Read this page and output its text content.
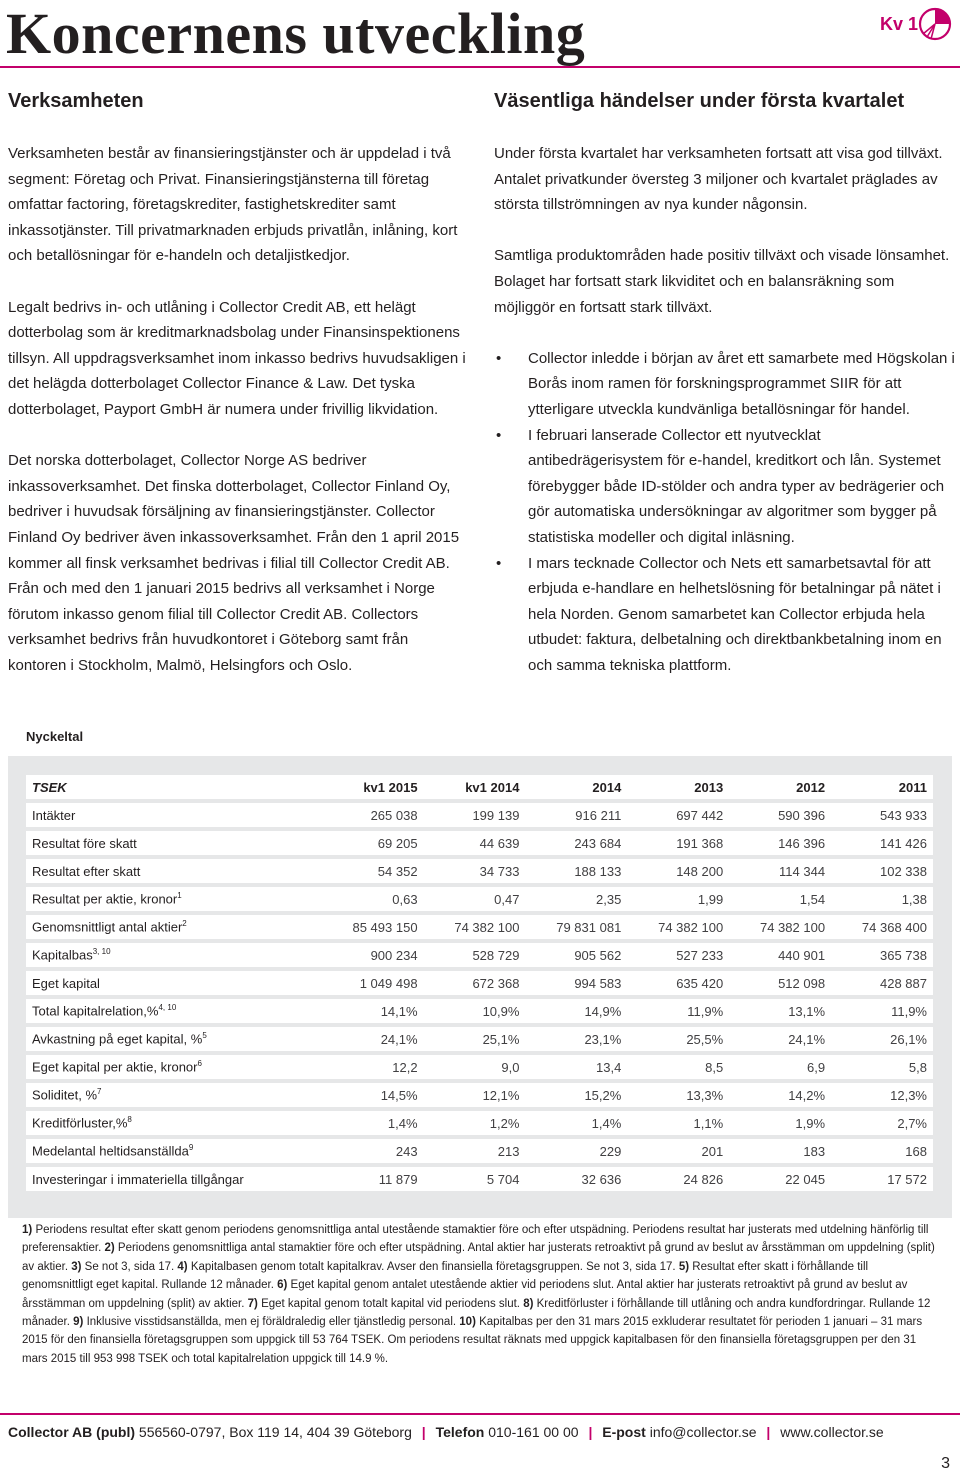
Koncernens utveckling	Kv 1
Verksamheten

Verksamheten består av finansieringstjänster och är uppdelad i två segment: Företag och Privat. Finansieringstjänsterna till företag omfattar factoring, företagskrediter, fastighetskrediter samt inkassotjänster. Till privatmarknaden erbjuds privatlån, inlåning, kort och betallösningar för e-handeln och detaljistkedjor.

Legalt bedrivs in- och utlåning i Collector Credit AB, ett helägt dotterbolag som är kreditmarknadsbolag under Finansinspektionens tillsyn. All uppdragsverksamhet inom inkasso bedrivs huvudsakligen i det helägda dotterbolaget Collector Finance & Law. Det tyska dotterbolaget, Payport GmbH är numera under frivillig likvidation.

Det norska dotterbolaget, Collector Norge AS bedriver inkassoverksamhet. Det finska dotterbolaget, Collector Finland Oy, bedriver i huvudsak försäljning av finansieringstjänster. Collector Finland Oy bedriver även inkassoverksamhet. Från den 1 april 2015 kommer all finsk verksamhet bedrivas i filial till Collector Credit AB. Från och med den 1 januari 2015 bedrivs all verksamhet i Norge förutom inkasso genom filial till Collector Credit AB. Collectors verksamhet bedrivs från huvudkontoret i Göteborg samt från kontoren i Stockholm, Malmö, Helsingfors och Oslo.

Väsentliga händelser under första kvartalet

Under första kvartalet har verksamheten fortsatt att visa god tillväxt. Antalet privatkunder översteg 3 miljoner och kvartalet präglades av största tillströmningen av nya kunder någonsin.

Samtliga produktområden hade positiv tillväxt och visade lönsamhet. Bolaget har fortsatt stark likviditet och en balansräkning som möjliggör en fortsatt stark tillväxt.

• Collector inledde i början av året ett samarbete med Högskolan i Borås inom ramen för forskningsprogrammet SIIR för att ytterligare utveckla kundvänliga betallösningar för handel.
• I februari lanserade Collector ett nyutvecklat antibedrägerisystem för e-handel, kreditkort och lån. Systemet förebygger både ID-stölder och andra typer av bedrägerier och gör automatiska undersökningar av algoritmer som bygger på statistiska modeller och digital inläsning.
• I mars tecknade Collector och Nets ett samarbetsavtal för att erbjuda e-handlare en helhetslösning för betalningar på nätet i hela Norden. Genom samarbetet kan Collector erbjuda hela utbudet: faktura, delbetalning och direktbankbetalning inom en och samma tekniska plattform.
Nyckeltal
TSEK	kv1 2015	kv1 2014	2014	2013	2012	2011

Intäkter	265 038	199 139	916 211	697 442	590 396	543 933

Resultat före skatt	69 205	44 639	243 684	191 368	146 396	141 426

Resultat efter skatt	54 352	34 733	188 133	148 200	114 344	102 338

Resultat per aktie, kronor$^1$	0,63	0,47	2,35	1,99	1,54	1,38

Genomsnittligt antal aktier$^2$	85 493 150	74 382 100	79 831 081	74 382 100	74 382 100	74 368 400

Kapitalbas$^{3, 10}$	900 234	528 729	905 562	527 233	440 901	365 738

Eget kapital	1 049 498	672 368	994 583	635 420	512 098	428 887

Total kapitalrelation,%$^{4, 10}$	14,1%	10,9%	14,9%	11,9%	13,1%	11,9%

Avkastning på eget kapital, %$^5$	24,1%	25,1%	23,1%	25,5%	24,1%	26,1%

Eget kapital per aktie, kronor$^6$	12,2	9,0	13,4	8,5	6,9	5,8

Soliditet, %$^7$	14,5%	12,1%	15,2%	13,3%	14,2%	12,3%

Kreditförluster,%$^8$	1,4%	1,2%	1,4%	1,1%	1,9%	2,7%

Medelantal heltidsanställda$^9$	243	213	229	201	183	168

Investeringar i immateriella tillgångar	11 879	5 704	32 636	24 826	22 045	17 572
1) Periodens resultat efter skatt genom periodens genomsnittliga antal utestående stamaktier före och efter utspädning. Periodens resultat har justerats med utdelning hänförlig till preferensaktier. 2) Periodens genomsnittliga antal stamaktier före och efter utspädning. Antal aktier har justerats retroaktivt på grund av beslut av årsstämman om uppdelning (split) av aktier. 3) Se not 3, sida 17. 4) Kapitalbasen genom totalt kapitalkrav. Avser den finansiella företagsgruppen. Se not 3, sida 17. 5) Resultat efter skatt i förhållande till genomsnittligt eget kapital. Rullande 12 månader. 6) Eget kapital genom antalet utestående aktier vid periodens slut. Antal aktier har justerats retroaktivt på grund av beslut av årsstämman om uppdelning (split) av aktier. 7) Eget kapital genom totalt kapital vid periodens slut. 8) Kreditförluster i förhållande till utlåning och andra kundfordringar. Rullande 12 månader. 9) Inklusive visstidsanställda, men ej föräldraledig eller tjänstledig personal. 10) Kapitalbas per den 31 mars 2015 exkluderar resultatet för perioden 1 januari – 31 mars 2015 för den finansiella företagsgruppen som uppgick till 53 764 TSEK. Om periodens resultat räknats med uppgick kapitalbasen för den finansiella företagsgruppen per den 31 mars 2015 till 953 998 TSEK och total kapitalrelation uppgick till 14.9 %.
Collector AB (publ) 556560-0797, Box 119 14, 404 39 Göteborg | Telefon 010-161 00 00 | E-post info@collector.se | www.collector.se
3
